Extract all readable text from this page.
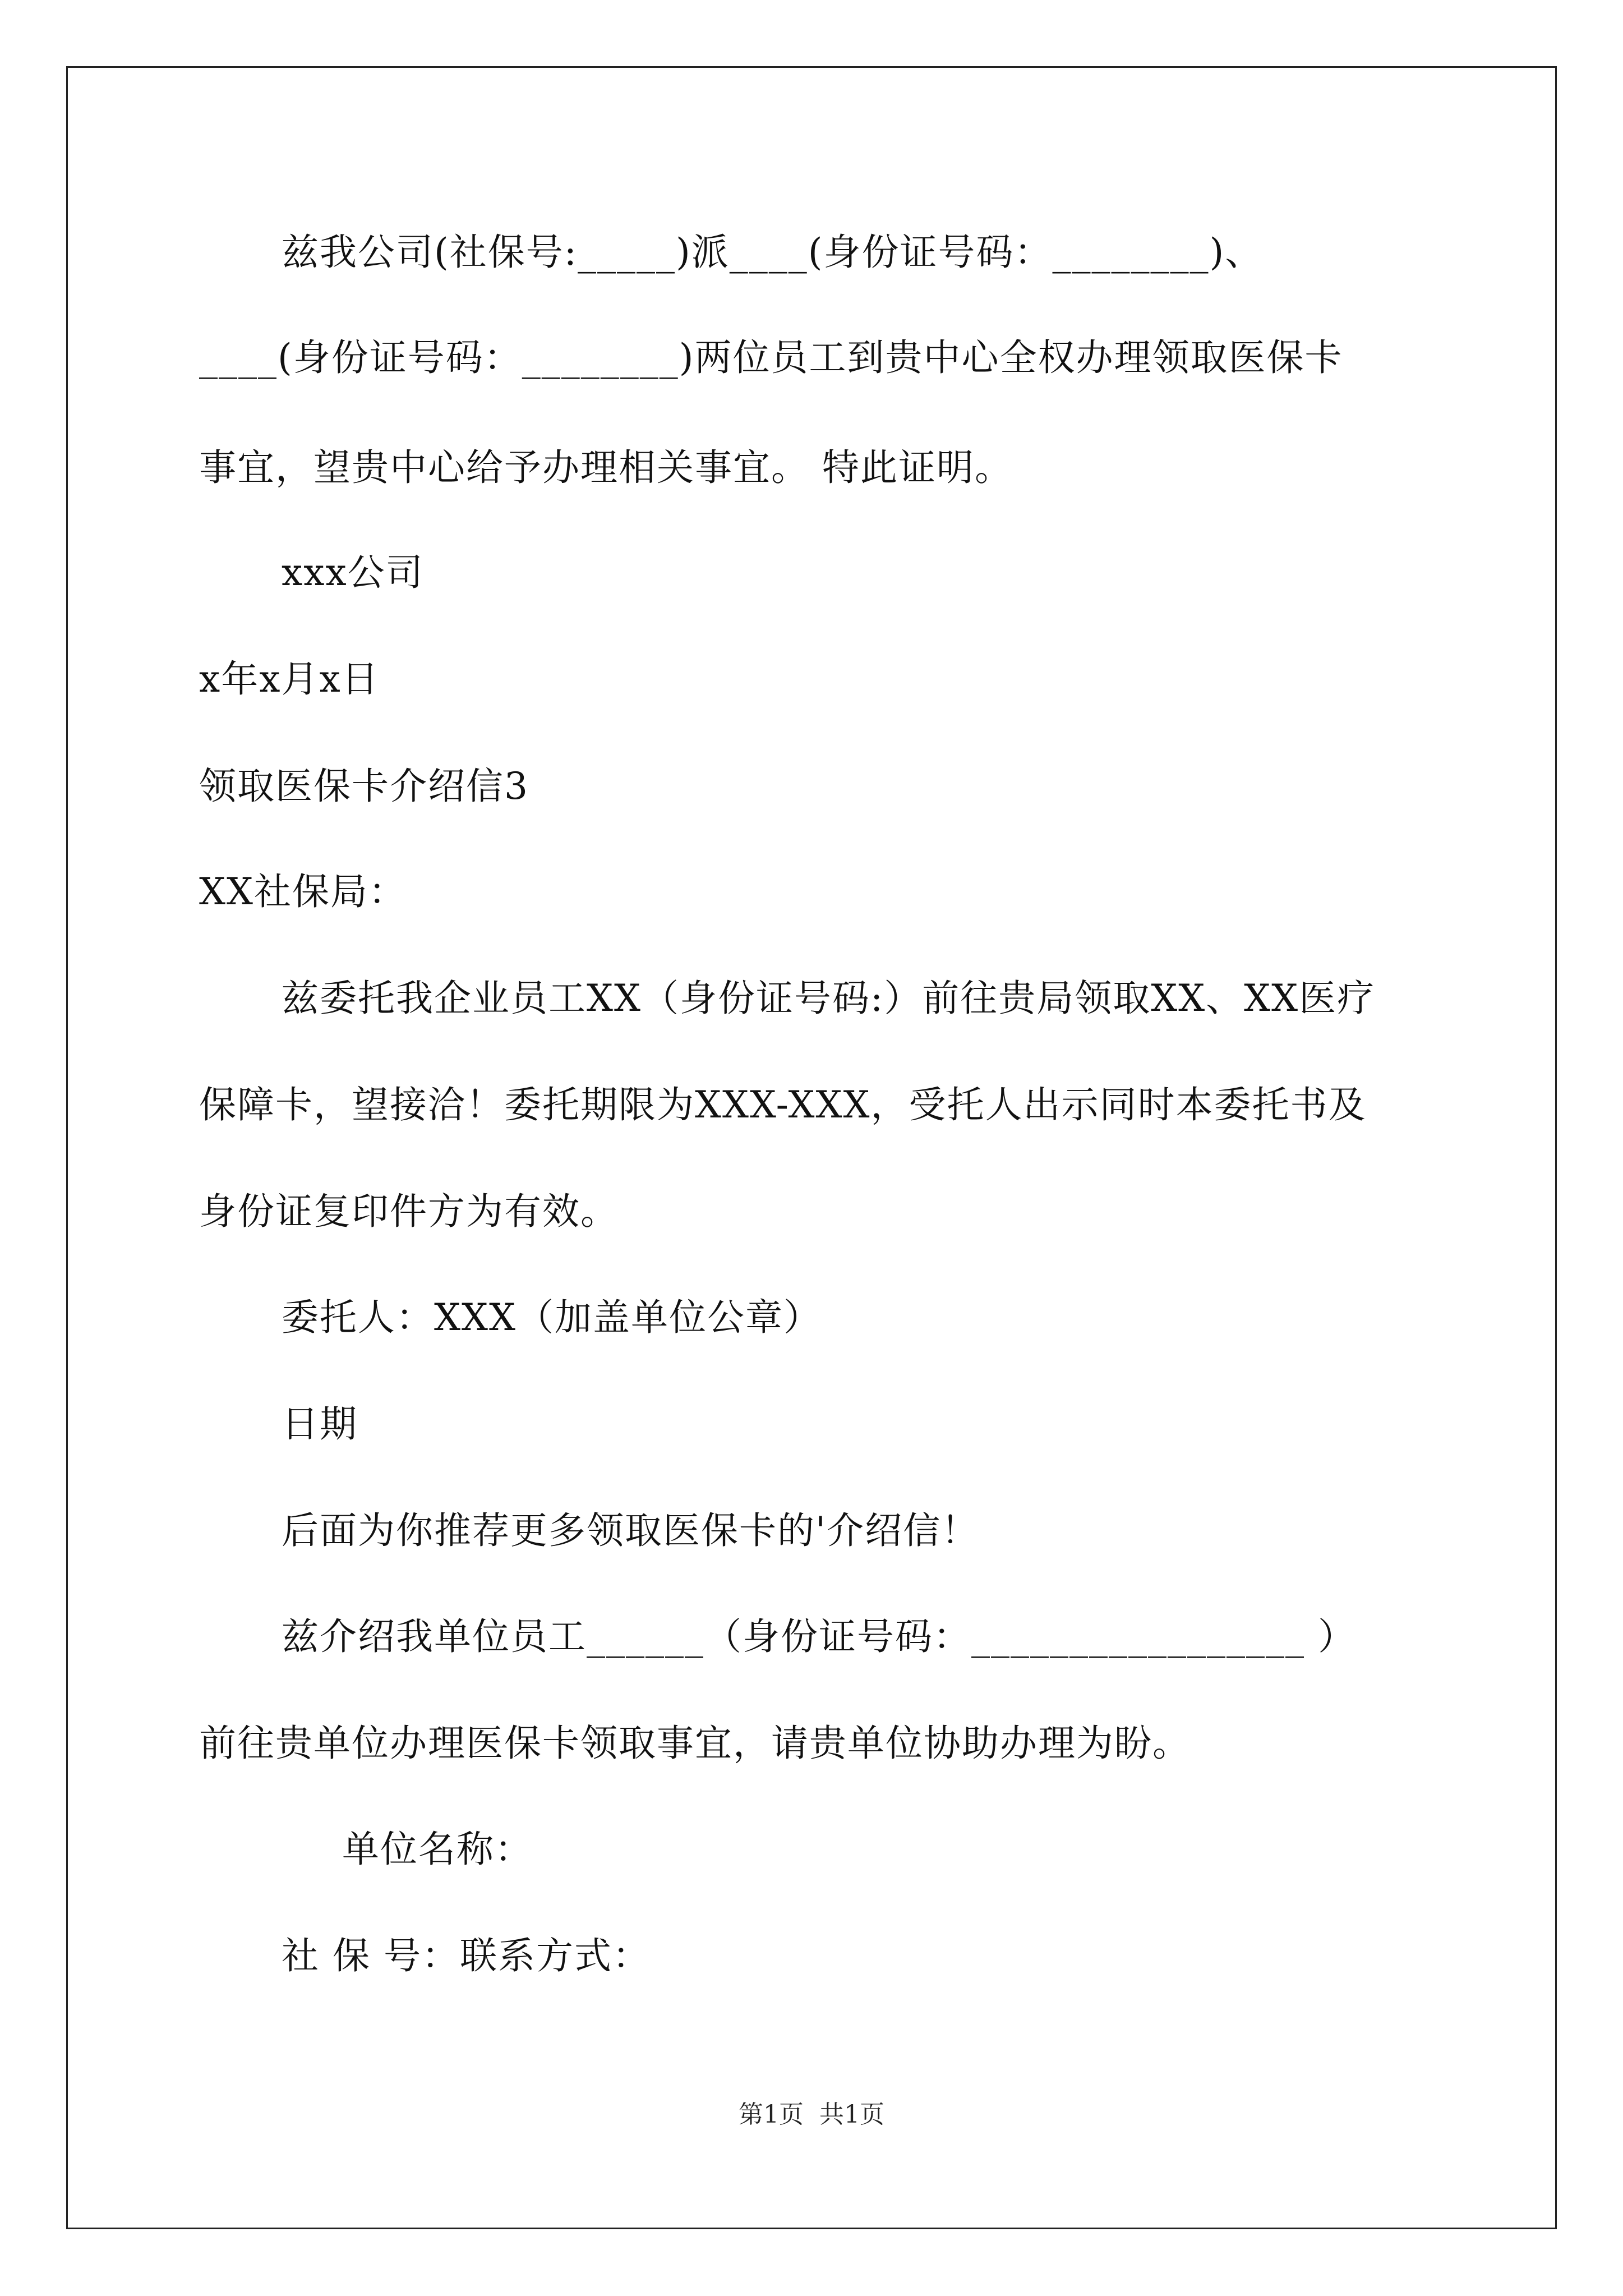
兹我公司(社保号:_____)派____(身份证号码：________)、
____(身份证号码：________)两位员工到贵中心全权办理领取医保卡
事宜，望贵中心给予办理相关事宜。 特此证明。
xxx公司
x年x月x日
领取医保卡介绍信3
XX社保局：
兹委托我企业员工XX（身份证号码:）前往贵局领取XX、XX医疗
保障卡，望接洽！委托期限为XXX-XXX，受托人出示同时本委托书及
身份证复印件方为有效。
委托人：XXX（加盖单位公章）
日期
后面为你推荐更多领取医保卡的'介绍信！
兹介绍我单位员工______（身份证号码：_________________ ）
前往贵单位办理医保卡领取事宜，请贵单位协助办理为盼。
单位名称：
社 保 号：联系方式：
第1页 共1页
